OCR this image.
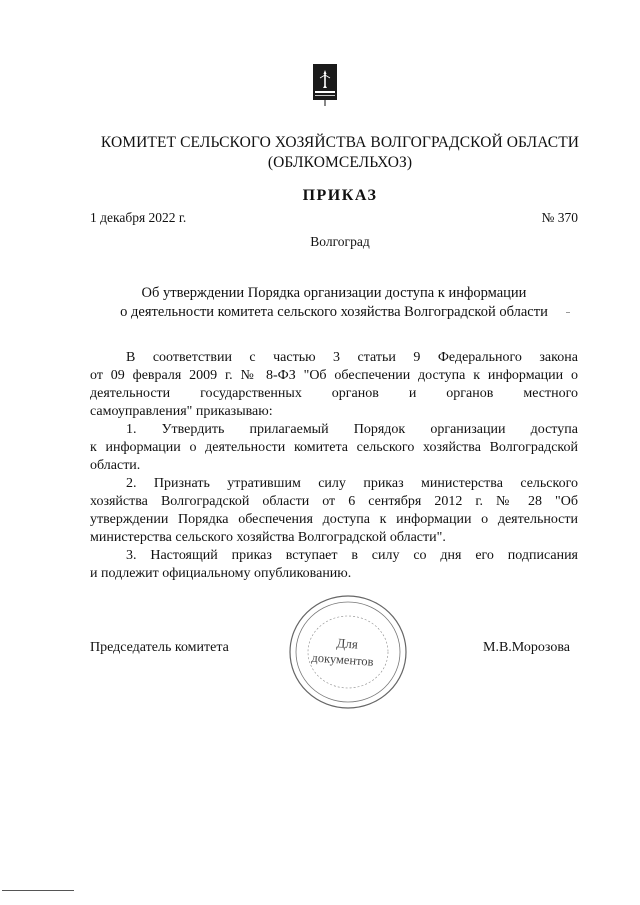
КОМИТЕТ СЕЛЬСКОГО ХОЗЯЙСТВА ВОЛГОГРАДСКОЙ ОБЛАСТИ
(ОБЛКОМСЕЛЬХОЗ)
ПРИКАЗ
1 декабря 2022 г.	№ 370
Волгоград
Об утверждении Порядка организации доступа к информации
о деятельности комитета сельского хозяйства Волгоградской области
В соответствии с частью 3 статьи 9 Федерального закона
от 09 февраля 2009 г. № 8-ФЗ "Об обеспечении доступа к информации о
деятельности государственных органов и органов местного
самоуправления" приказываю:
1. Утвердить прилагаемый Порядок организации доступа
к информации о деятельности комитета сельского хозяйства Волгоградской
области.
2. Признать утратившим силу приказ министерства сельского
хозяйства Волгоградской области от 6 сентября 2012 г. № 28 "Об
утверждении Порядка обеспечения доступа к информации о деятельности
министерства сельского хозяйства Волгоградской области".
3. Настоящий приказ вступает в силу со дня его подписания
и подлежит официальному опубликованию.
Председатель комитета	М.В.Морозова
Для
документов
